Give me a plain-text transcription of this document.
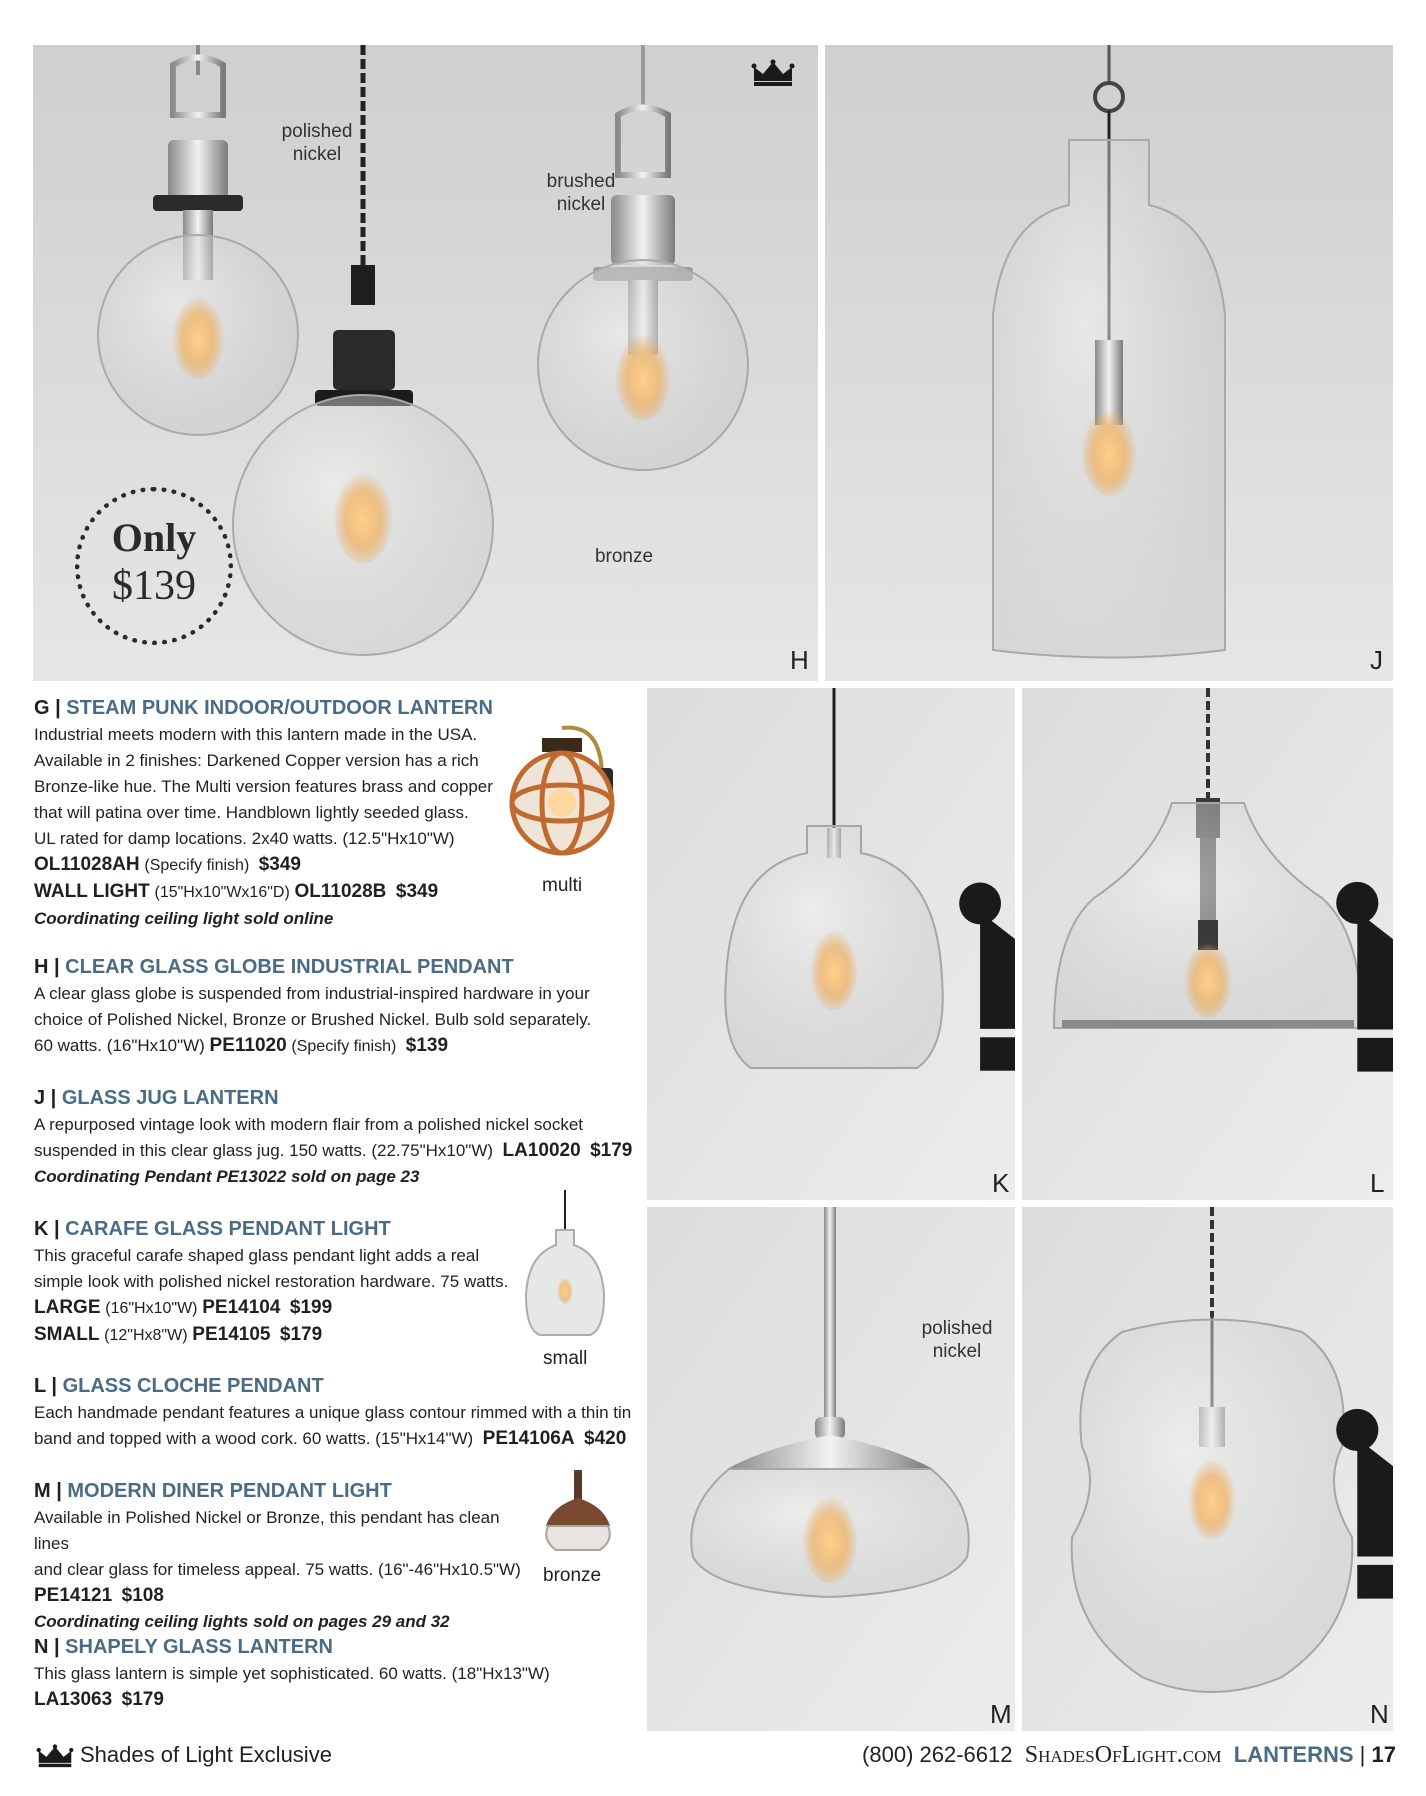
polished
nickel
brushed
nickel
bronze
Only
$139
H	J
K	L
polished
nickel
M	N
multi
small
bronze
G | STEAM PUNK INDOOR/OUTDOOR LANTERN
Industrial meets modern with this lantern made in the USA.
Available in 2 finishes: Darkened Copper version has a rich
Bronze-like hue. The Multi version features brass and copper
that will patina over time. Handblown lightly seeded glass.
UL rated for damp locations. 2x40 watts. (12.5"Hx10"W)
OL11028AH (Specify finish) $349
WALL LIGHT (15"Hx10"Wx16"D) OL11028B $349
Coordinating ceiling light sold online
H | CLEAR GLASS GLOBE INDUSTRIAL PENDANT
A clear glass globe is suspended from industrial-inspired hardware in your
choice of Polished Nickel, Bronze or Brushed Nickel. Bulb sold separately.
60 watts. (16"Hx10"W) PE11020 (Specify finish) $139
J | GLASS JUG LANTERN
A repurposed vintage look with modern flair from a polished nickel socket
suspended in this clear glass jug. 150 watts. (22.75"Hx10"W) LA10020 $179
Coordinating Pendant PE13022 sold on page 23
K | CARAFE GLASS PENDANT LIGHT
This graceful carafe shaped glass pendant light adds a real
simple look with polished nickel restoration hardware. 75 watts.
LARGE (16"Hx10"W) PE14104 $199
SMALL (12"Hx8"W) PE14105 $179
L | GLASS CLOCHE PENDANT
Each handmade pendant features a unique glass contour rimmed with a thin tin
band and topped with a wood cork. 60 watts. (15"Hx14"W) PE14106A $420
M | MODERN DINER PENDANT LIGHT
Available in Polished Nickel or Bronze, this pendant has clean lines
and clear glass for timeless appeal. 75 watts. (16"-46"Hx10.5"W)
PE14121 $108
Coordinating ceiling lights sold on pages 29 and 32
N | SHAPELY GLASS LANTERN
This glass lantern is simple yet sophisticated. 60 watts. (18"Hx13"W)
LA13063 $179
Shades of Light Exclusive	(800) 262-6612 ShadesOfLight.com LANTERNS | 17
